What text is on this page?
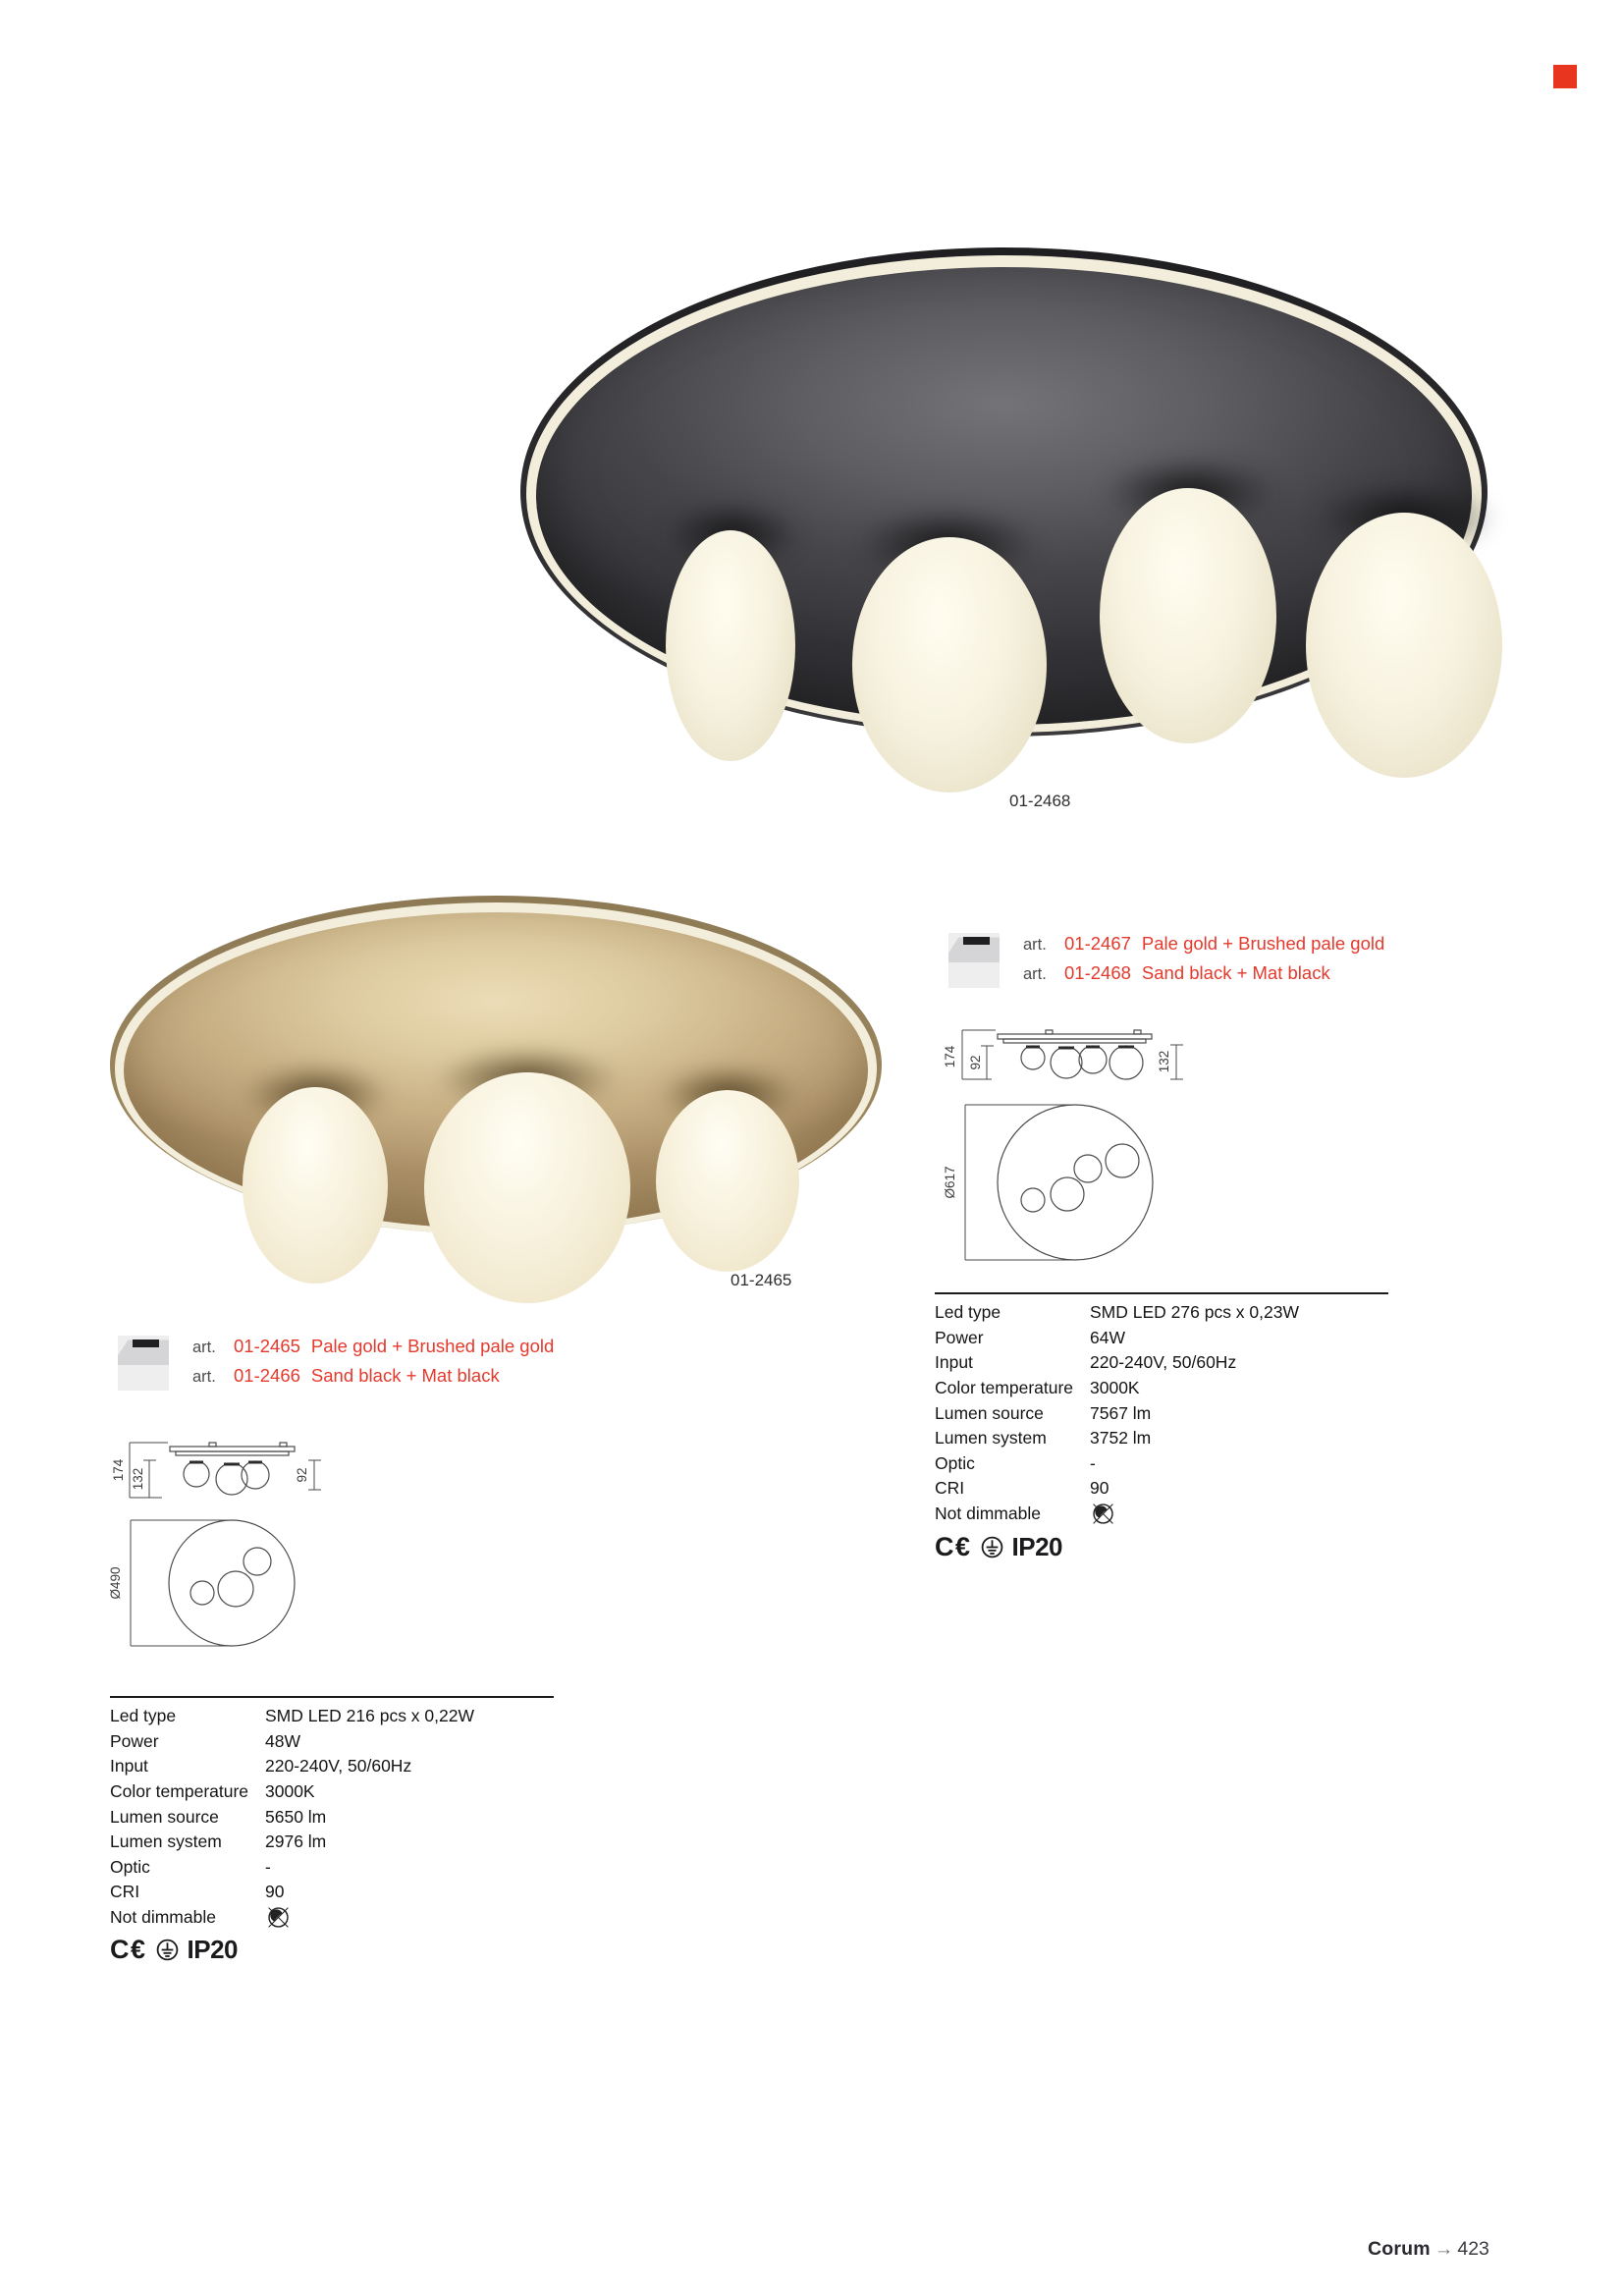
01-2468
01-2465
art. 01-2467 Pale gold + Brushed pale gold
art. 01-2468 Sand black + Mat black
174 92	132
Ø617
Led type	SMD LED 276 pcs x 0,23W
Power	64W
Input	220-240V, 50/60Hz
Color temperature 3000K
Lumen source	7567 lm
Lumen system	3752 lm
Optic	-
CRI	90
Not dimmable
C€ IP20
art. 01-2465 Pale gold + Brushed pale gold
art. 01-2466 Sand black + Mat black
174 132	92
Ø490
Led type	SMD LED 216 pcs x 0,22W
Power	48W
Input	220-240V, 50/60Hz
Color temperature 3000K
Lumen source	5650 lm
Lumen system	2976 lm
Optic	-
CRI	90
Not dimmable
C€ IP20
Corum → 423
